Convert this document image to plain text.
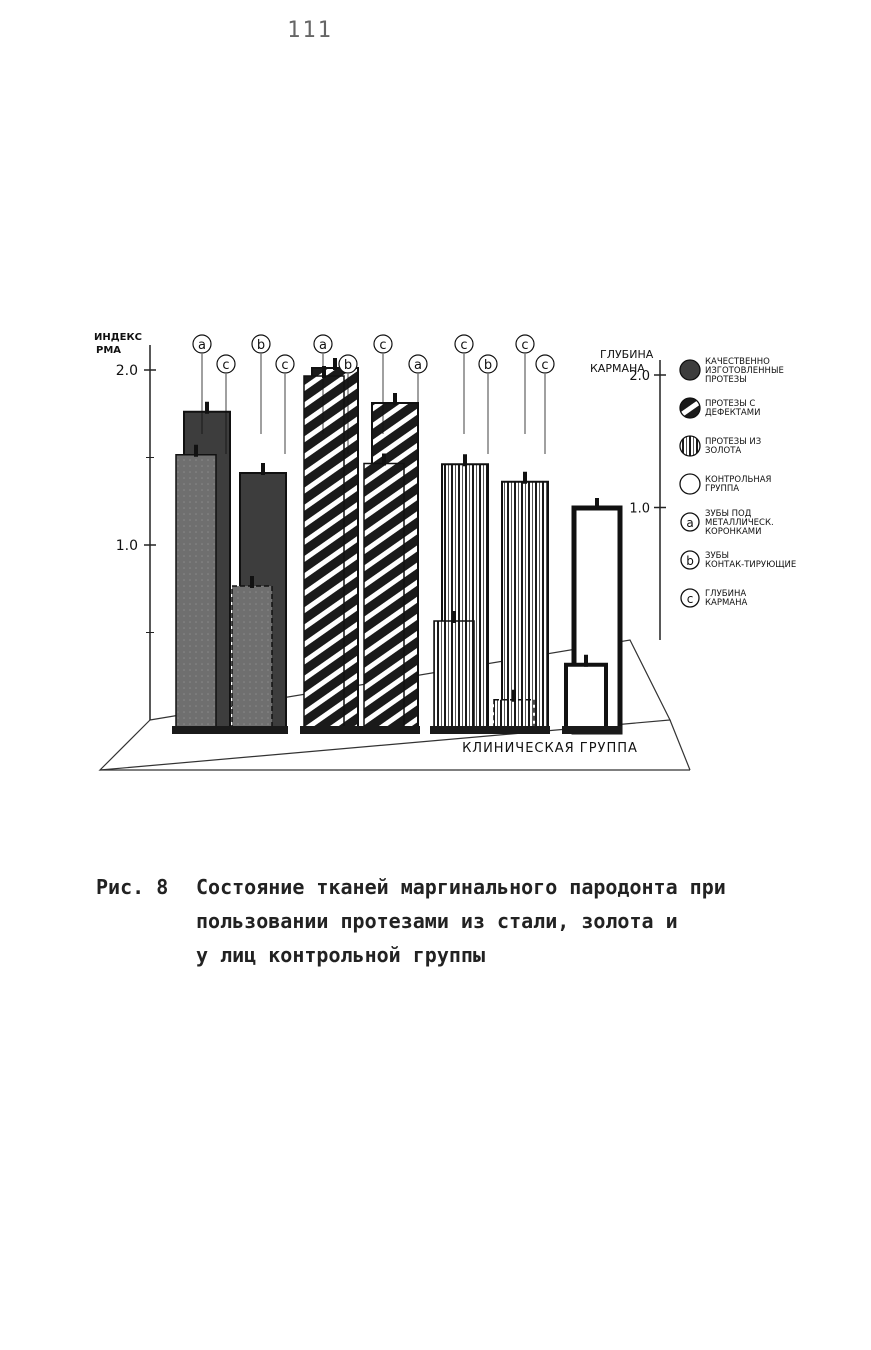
111
2.0
1.0
ИНДЕКС
РМА
2.0
1.0
ГЛУБИНА
КАРМАНА
a
c
b
c
a
b
c
a
c
b
c
c	КАЧЕСТВЕННО
ИЗГОТОВЛЕННЫЕ
ПРОТЕЗЫ
ПРОТЕЗЫ С
ДЕФЕКТАМИ
ПРОТЕЗЫ ИЗ
ЗОЛОТА
КОНТРОЛЬНАЯ
ГРУППА
a
ЗУБЫ ПОД
МЕТАЛЛИЧЕСК.
КОРОНКАМИ
b ЗУБЫ
КОНТАК-ТИРУЮЩИЕ
c ГЛУБИНА
КАРМАНА
КЛИНИЧЕСКАЯ ГРУППА
Рис. 8 Состояние тканей маргинального пародонта при
пользовании протезами из стали, золота и
у лиц контрольной группы
